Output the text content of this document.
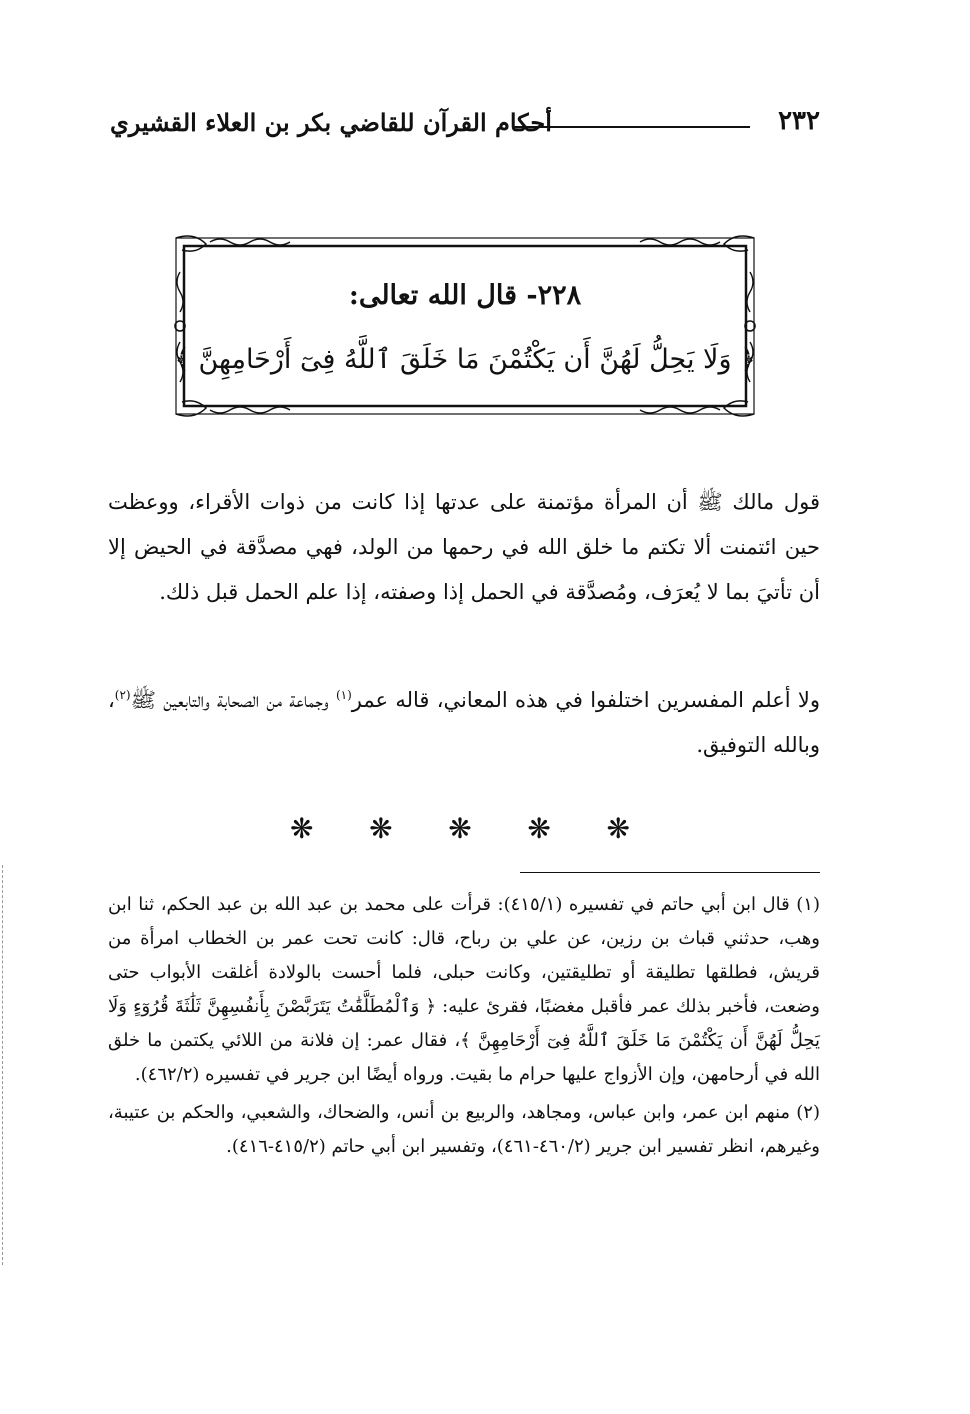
٢٣٢
أحكام القرآن للقاضي بكر بن العلاء القشيري
٢٢٨- قال الله تعالى:
﴿ وَلَا يَحِلُّ لَهُنَّ أَن يَكْتُمْنَ مَا خَلَقَ ٱللَّهُ فِىٓ أَرْحَامِهِنَّ ﴾
قول مالك ﷺ أن المرأة مؤتمنة على عدتها إذا كانت من ذوات الأقراء، ووعظت حين ائتمنت ألا تكتم ما خلق الله في رحمها من الولد، فهي مصدَّقة في الحيض إلا أن تأتيَ بما لا يُعرَف، ومُصدَّقة في الحمل إذا وصفته، إذا علم الحمل قبل ذلك.
ولا أعلم المفسرين اختلفوا في هذه المعاني، قاله عمر$^{(١)}$ وجماعة من الصحابة والتابعين ﷺ$^{(٢)}$، وبالله التوفيق.
❋ ❋ ❋ ❋ ❋

(١) قال ابن أبي حاتم في تفسيره (٤١٥/١): قرأت على محمد بن عبد الله بن عبد الحكم، ثنا ابن وهب، حدثني قباث بن رزين، عن علي بن رباح، قال: كانت تحت عمر بن الخطاب امرأة من قريش، فطلقها تطليقة أو تطليقتين، وكانت حبلى، فلما أحست بالولادة أغلقت الأبواب حتى وضعت، فأخبر بذلك عمر فأقبل مغضبًا، فقرئ عليه: ﴿ وَٱلْمُطَلَّقَٰتُ يَتَرَبَّصْنَ بِأَنفُسِهِنَّ ثَلَٰثَةَ قُرُوٓءٍ وَلَا يَحِلُّ لَهُنَّ أَن يَكْتُمْنَ مَا خَلَقَ ٱللَّهُ فِىٓ أَرْحَامِهِنَّ ﴾، فقال عمر: إن فلانة من اللائي يكتمن ما خلق الله في أرحامهن، وإن الأزواج عليها حرام ما بقيت. ورواه أيضًا ابن جرير في تفسيره (٤٦٢/٢).

(٢) منهم ابن عمر، وابن عباس، ومجاهد، والربيع بن أنس، والضحاك، والشعبي، والحكم بن عتيبة، وغيرهم، انظر تفسير ابن جرير (٤٦٠/٢-٤٦١)، وتفسير ابن أبي حاتم (٤١٥/٢-٤١٦).
